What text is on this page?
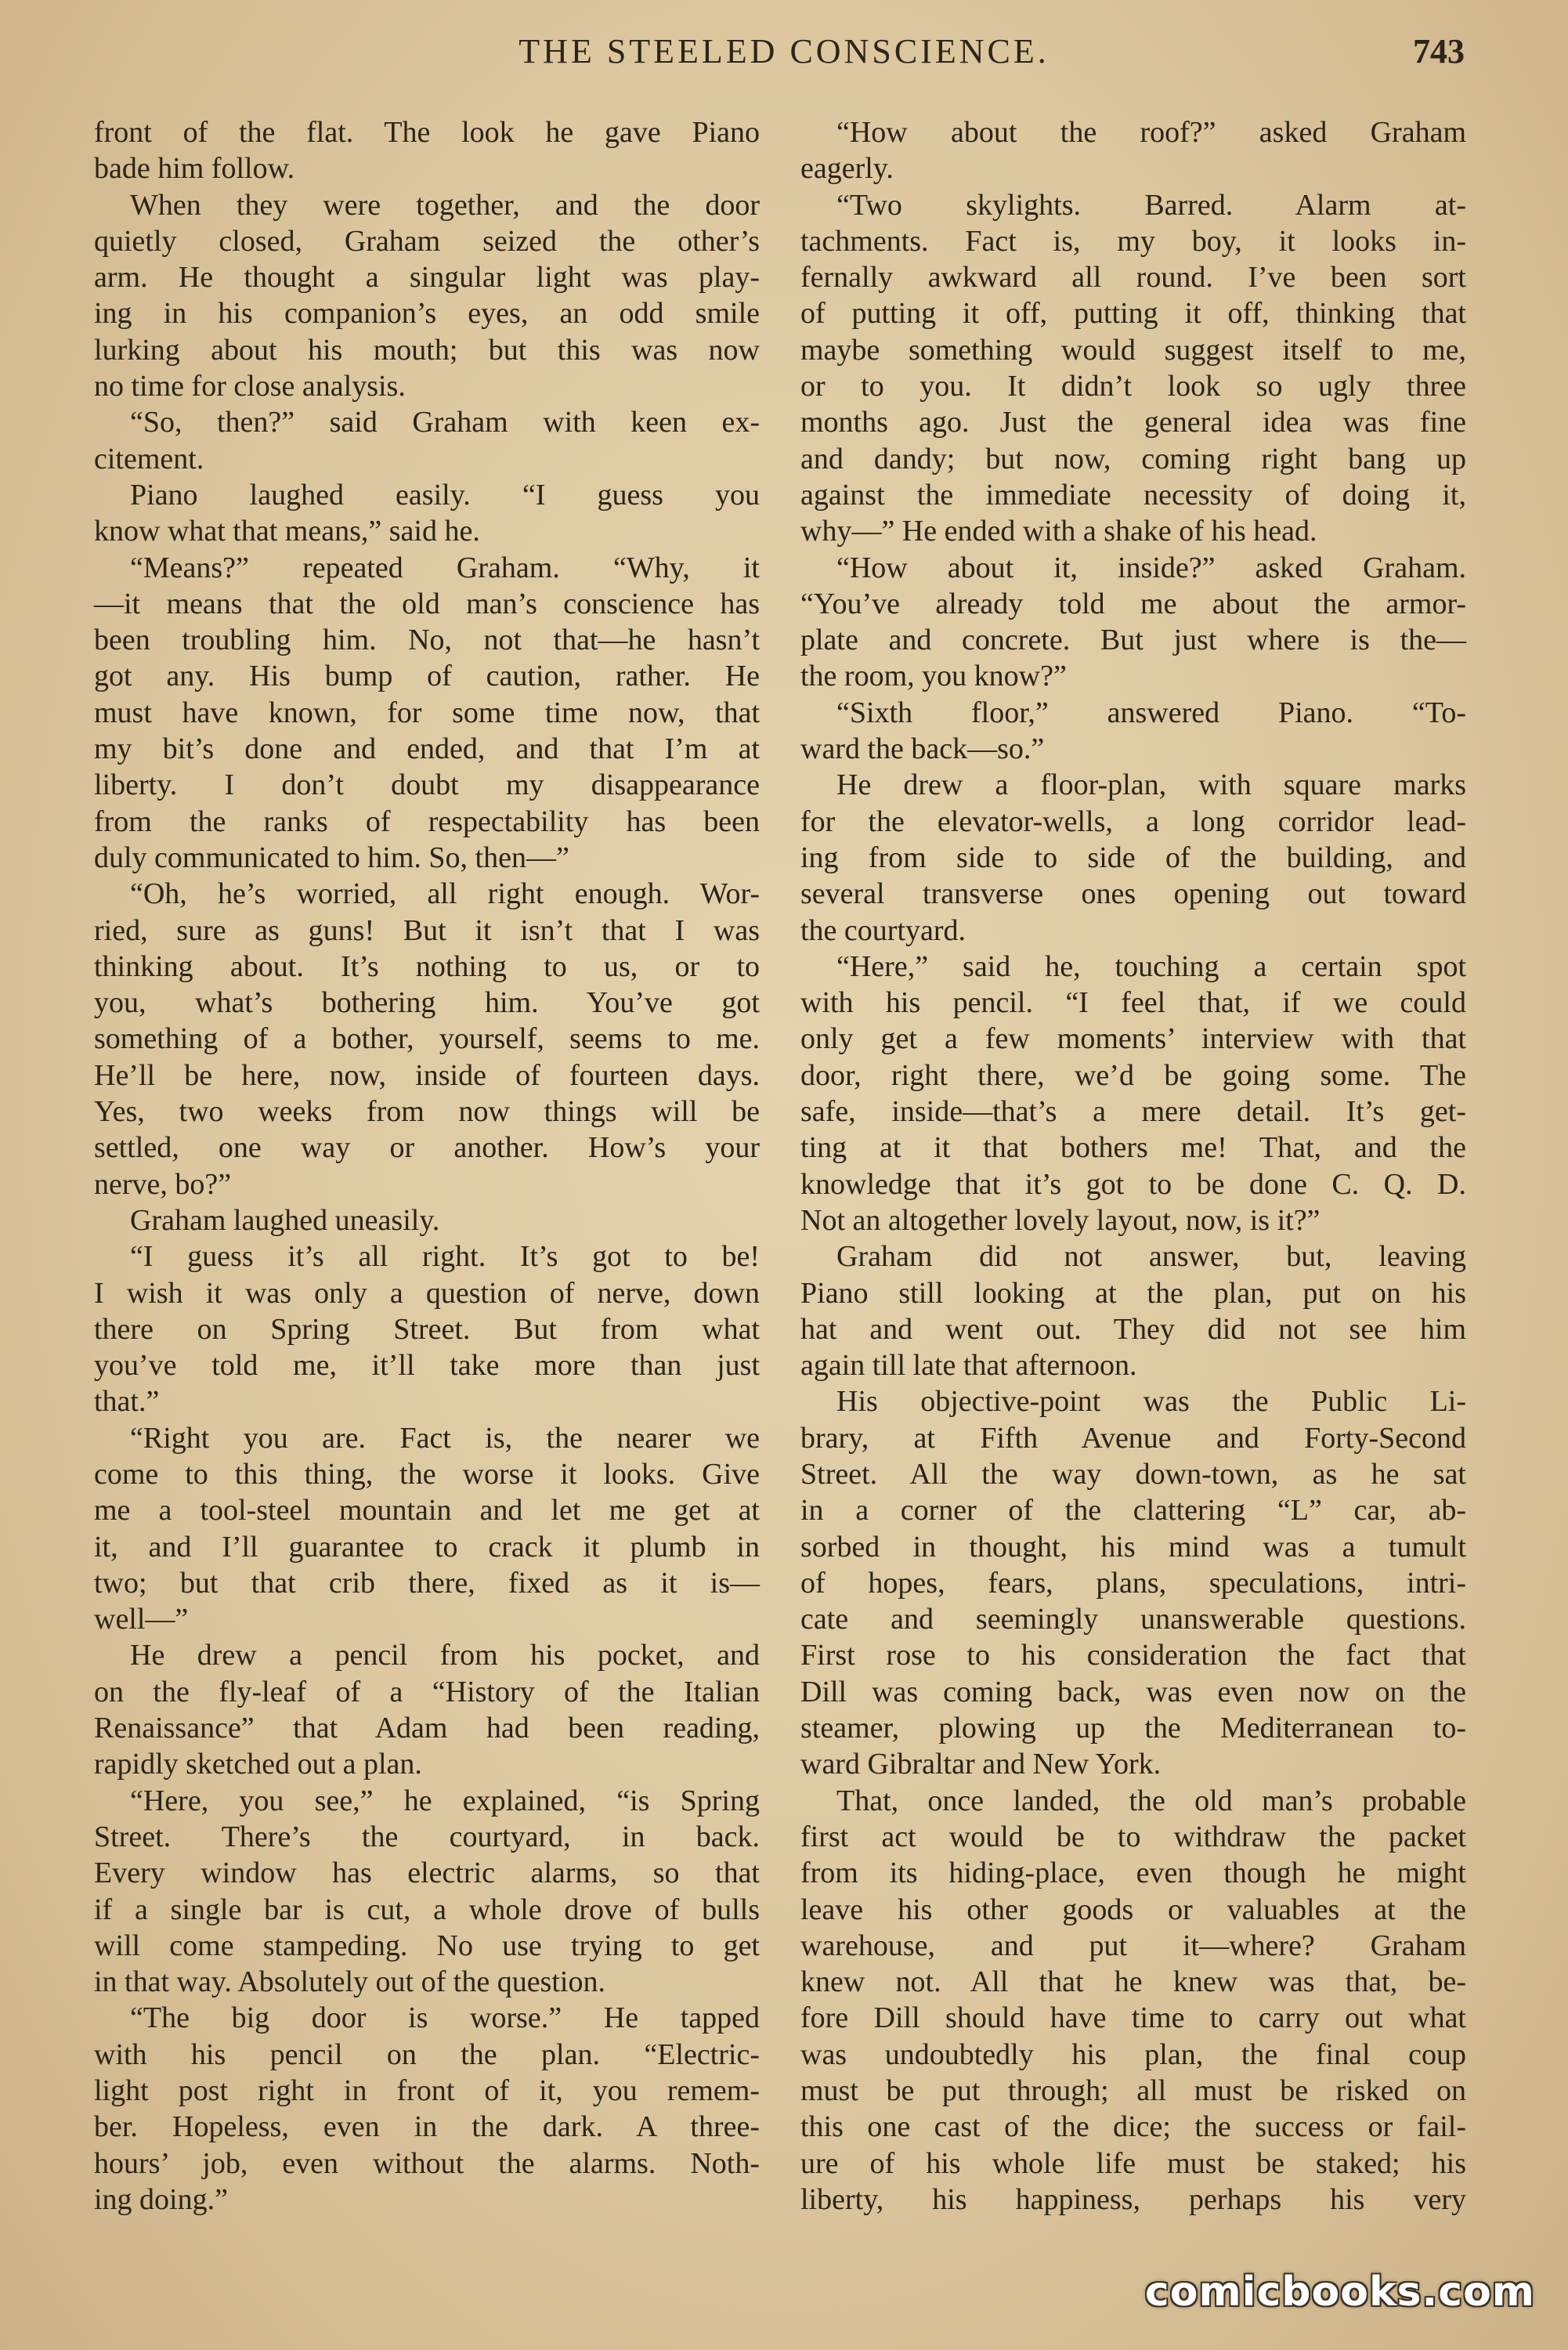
THE STEELED CONSCIENCE.	743
front of the flat. The look he gave Piano
bade him follow.
When they were together, and the door
quietly closed, Graham seized the other’s
arm. He thought a singular light was play-
ing in his companion’s eyes, an odd smile
lurking about his mouth; but this was now
no time for close analysis.
“So, then?” said Graham with keen ex-
citement.
Piano laughed easily. “I guess you
know what that means,” said he.
“Means?” repeated Graham. “Why, it
—it means that the old man’s conscience has
been troubling him. No, not that—he hasn’t
got any. His bump of caution, rather. He
must have known, for some time now, that
my bit’s done and ended, and that I’m at
liberty. I don’t doubt my disappearance
from the ranks of respectability has been
duly communicated to him. So, then—”
“Oh, he’s worried, all right enough. Wor-
ried, sure as guns! But it isn’t that I was
thinking about. It’s nothing to us, or to
you, what’s bothering him. You’ve got
something of a bother, yourself, seems to me.
He’ll be here, now, inside of fourteen days.
Yes, two weeks from now things will be
settled, one way or another. How’s your
nerve, bo?”
Graham laughed uneasily.
“I guess it’s all right. It’s got to be!
I wish it was only a question of nerve, down
there on Spring Street. But from what
you’ve told me, it’ll take more than just
that.”
“Right you are. Fact is, the nearer we
come to this thing, the worse it looks. Give
me a tool-steel mountain and let me get at
it, and I’ll guarantee to crack it plumb in
two; but that crib there, fixed as it is—
well—”
He drew a pencil from his pocket, and
on the fly-leaf of a “History of the Italian
Renaissance” that Adam had been reading,
rapidly sketched out a plan.
“Here, you see,” he explained, “is Spring
Street. There’s the courtyard, in back.
Every window has electric alarms, so that
if a single bar is cut, a whole drove of bulls
will come stampeding. No use trying to get
in that way. Absolutely out of the question.
“The big door is worse.” He tapped
with his pencil on the plan. “Electric-
light post right in front of it, you remem-
ber. Hopeless, even in the dark. A three-
hours’ job, even without the alarms. Noth-
ing doing.”
“How about the roof?” asked Graham
eagerly.
“Two skylights. Barred. Alarm at-
tachments. Fact is, my boy, it looks in-
fernally awkward all round. I’ve been sort
of putting it off, putting it off, thinking that
maybe something would suggest itself to me,
or to you. It didn’t look so ugly three
months ago. Just the general idea was fine
and dandy; but now, coming right bang up
against the immediate necessity of doing it,
why—” He ended with a shake of his head.
“How about it, inside?” asked Graham.
“You’ve already told me about the armor-
plate and concrete. But just where is the—
the room, you know?”
“Sixth floor,” answered Piano. “To-
ward the back—so.”
He drew a floor-plan, with square marks
for the elevator-wells, a long corridor lead-
ing from side to side of the building, and
several transverse ones opening out toward
the courtyard.
“Here,” said he, touching a certain spot
with his pencil. “I feel that, if we could
only get a few moments’ interview with that
door, right there, we’d be going some. The
safe, inside—that’s a mere detail. It’s get-
ting at it that bothers me! That, and the
knowledge that it’s got to be done C. Q. D.
Not an altogether lovely layout, now, is it?”
Graham did not answer, but, leaving
Piano still looking at the plan, put on his
hat and went out. They did not see him
again till late that afternoon.
His objective-point was the Public Li-
brary, at Fifth Avenue and Forty-Second
Street. All the way down-town, as he sat
in a corner of the clattering “L” car, ab-
sorbed in thought, his mind was a tumult
of hopes, fears, plans, speculations, intri-
cate and seemingly unanswerable questions.
First rose to his consideration the fact that
Dill was coming back, was even now on the
steamer, plowing up the Mediterranean to-
ward Gibraltar and New York.
That, once landed, the old man’s probable
first act would be to withdraw the packet
from its hiding-place, even though he might
leave his other goods or valuables at the
warehouse, and put it—where? Graham
knew not. All that he knew was that, be-
fore Dill should have time to carry out what
was undoubtedly his plan, the final coup
must be put through; all must be risked on
this one cast of the dice; the success or fail-
ure of his whole life must be staked; his
liberty, his happiness, perhaps his very
comicbooks.com
